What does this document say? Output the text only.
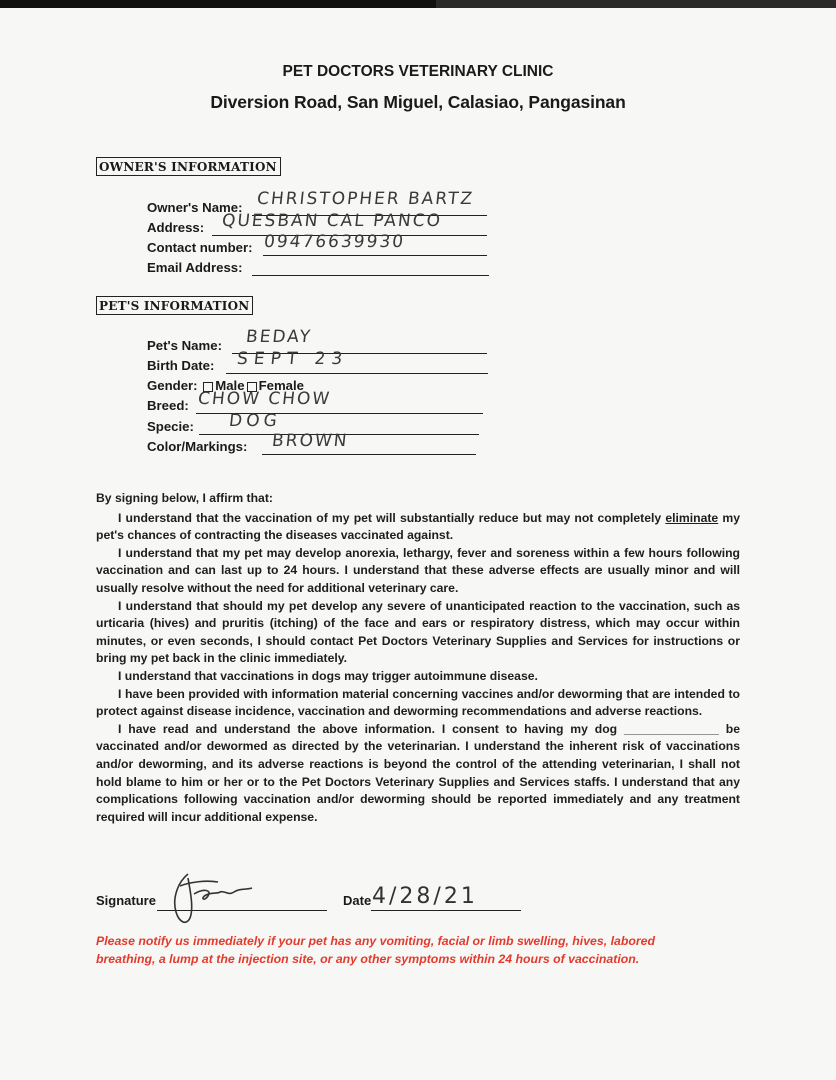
PET DOCTORS VETERINARY CLINIC
Diversion Road, San Miguel, Calasiao, Pangasinan
OWNER'S INFORMATION
Owner's Name: CHRISTOPHER BARTZ
Address: QUESBAN CAL PANCO
Contact number: 09476639930
Email Address:
PET'S INFORMATION
Pet's Name: BEDAY
Birth Date: SEPT 23
Gender: Male Female
Breed: CHOW CHOW
Specie: DOG
Color/Markings: BROWN

By signing below, I affirm that:

I understand that the vaccination of my pet will substantially reduce but may not completely eliminate my pet's chances of contracting the diseases vaccinated against.

I understand that my pet may develop anorexia, lethargy, fever and soreness within a few hours following vaccination and can last up to 24 hours. I understand that these adverse effects are usually minor and will usually resolve without the need for additional veterinary care.

I understand that should my pet develop any severe of unanticipated reaction to the vaccination, such as urticaria (hives) and pruritis (itching) of the face and ears or respiratory distress, which may occur within minutes, or even seconds, I should contact Pet Doctors Veterinary Supplies and Services for instructions or bring my pet back in the clinic immediately.

I understand that vaccinations in dogs may trigger autoimmune disease.

I have been provided with information material concerning vaccines and/or deworming that are intended to protect against disease incidence, vaccination and deworming recommendations and adverse reactions.

I have read and understand the above information. I consent to having my dog ______________ be vaccinated and/or dewormed as directed by the veterinarian. I understand the inherent risk of vaccinations and/or deworming, and its adverse reactions is beyond the control of the attending veterinarian, I shall not hold blame to him or her or to the Pet Doctors Veterinary Supplies and Services staffs. I understand that any complications following vaccination and/or deworming should be reported immediately and any treatment required will incur additional expense.

Signature	Date 4/28/21
Please notify us immediately if your pet has any vomiting, facial or limb swelling, hives, labored breathing, a lump at the injection site, or any other symptoms within 24 hours of vaccination.
